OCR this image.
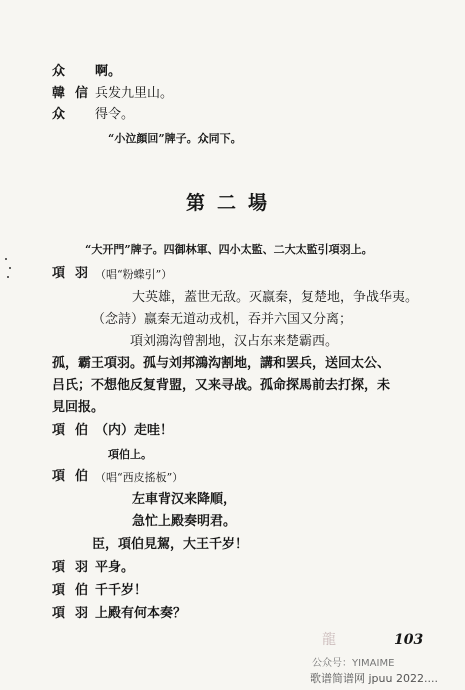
众 啊。
韓信
兵发九里山。
众 得令。
“小泣顔回”牌子。众同下。
第二場
“大开門”牌子。四御林軍、四小太監、二大太監引項羽上。
項羽
（唱“粉蝶引”）
大英雄，蓋世无敌。灭嬴秦，复楚地，争战华夷。
（念詩）嬴秦无道动戎机，吞并六国又分离；
項刘鴻沟曾割地，汉占东来楚霸西。
孤，霸王項羽。孤与刘邦鴻沟割地，講和罢兵，送回太公、
吕氏；不想他反复背盟，又来寻战。孤命探馬前去打探，未
見回报。
項伯
（内）走哇！
項伯上。
項伯
（唱“西皮搖板”）
左車背汉来降順，
急忙上殿奏明君。
臣，項伯見駕，大王千岁！
項羽
平身。
項伯
千千岁！
項羽
上殿有何本奏？
龍	103
公众号：YIMAIME
歌谱简谱网 jpuu 2022....
